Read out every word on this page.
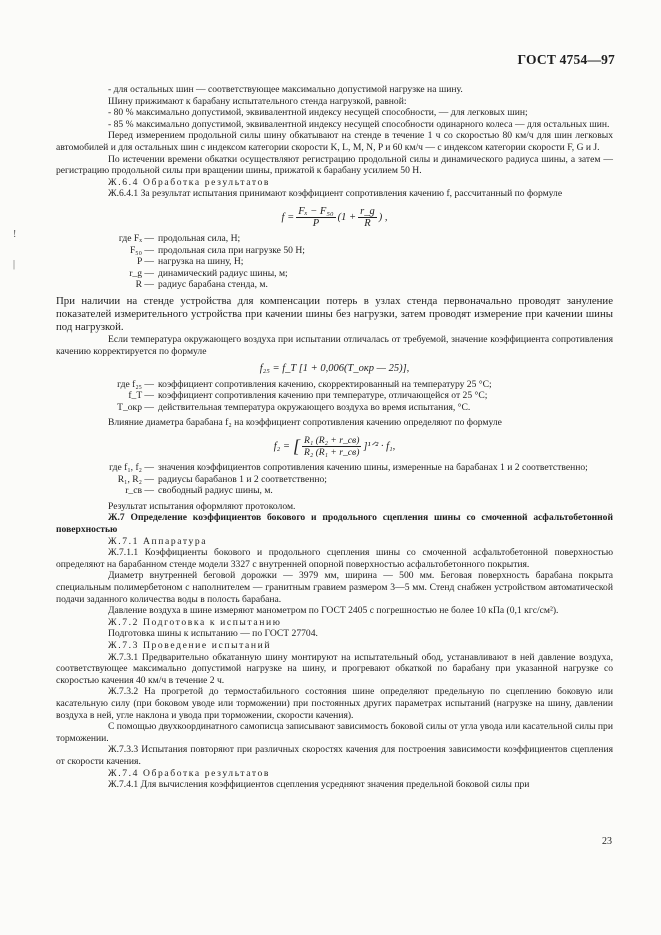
!
|
ГОСТ 4754—97

- для остальных шин — соответствующее максимально допустимой нагрузке на шину.

Шину прижимают к барабану испытательного стенда нагрузкой, равной:

- 80 % максимально допустимой, эквивалентной индексу несущей способности, — для легковых шин;

- 85 % максимально допустимой, эквивалентной индексу несущей способности одинарного колеса — для остальных шин.

Перед измерением продольной силы шину обкатывают на стенде в течение 1 ч со скоростью 80 км/ч для шин легковых автомобилей и для остальных шин с индексом категории скорости K, L, M, N, P и 60 км/ч — с индексом категории скорости F, G и J.

По истечении времени обкатки осуществляют регистрацию продольной силы и динамического радиуса шины, а затем — регистрацию продольной силы при вращении шины, прижатой к барабану усилием 50 Н.

Ж.6.4 Обработка результатов

Ж.6.4.1 За результат испытания принимают коэффициент сопротивления качению f, рассчитанный по формуле

$f = \frac{\text{Fₓ − F₅₀}}{P} (1 + \frac{r\_g}{R}$ ) ,
где Fₓ — продольная сила, Н;
F₅₀ — продольная сила при нагрузке 50 Н;
P — нагрузка на шину, Н;
r_g — динамический радиус шины, м;
R — радиус барабана стенда, м.

При наличии на стенде устройства для компенсации потерь в узлах стенда первоначально проводят зануление показателей измерительного устройства при качении шины без нагрузки, затем проводят измерение при качении шины под нагрузкой.

Если температура окружающего воздуха при испытании отличалась от требуемой, значение коэффициента сопротивления качению корректируется по формуле

f₂₅ = f_T [1 + 0,006(T_окр — 25)],
где f₂₅ — коэффициент сопротивления качению, скорректированный на температуру 25 °С;
f_T — коэффициент сопротивления качению при температуре, отличающейся от 25 °С;
T_окр — действительная температура окружающего воздуха во время испытания, °С.

Влияние диаметра барабана f₂ на коэффициент сопротивления качению определяют по формуле

f₂ = [ $\frac{\text{R₁ (R₂ + r\_св)}}{\text{R₂ (R₁ + r\_св)}}$ ]¹ᐟ² · f₁,
где f₁, f₂ — значения коэффициентов сопротивления качению шины, измеренные на барабанах 1 и 2 соответственно;
R₁, R₂ — радиусы барабанов 1 и 2 соответственно;
r_св — свободный радиус шины, м.

Результат испытания оформляют протоколом.

Ж.7 Определение коэффициентов бокового и продольного сцепления шины со смоченной асфальтобетонной поверхностью

Ж.7.1 Аппаратура

Ж.7.1.1 Коэффициенты бокового и продольного сцепления шины со смоченной асфальтобетонной поверхностью определяют на барабанном стенде модели 3327 с внутренней опорной поверхностью асфальтобетонного покрытия.

Диаметр внутренней беговой дорожки — 3979 мм, ширина — 500 мм. Беговая поверхность барабана покрыта специальным полимербетоном с наполнителем — гранитным гравием размером 3—5 мм. Стенд снабжен устройством автоматической подачи заданного количества воды в полость барабана.

Давление воздуха в шине измеряют манометром по ГОСТ 2405 с погрешностью не более 10 кПа (0,1 кгс/см²).

Ж.7.2 Подготовка к испытанию

Подготовка шины к испытанию — по ГОСТ 27704.

Ж.7.3 Проведение испытаний

Ж.7.3.1 Предварительно обкатанную шину монтируют на испытательный обод, устанавливают в ней давление воздуха, соответствующее максимально допустимой нагрузке на шину, и прогревают обкаткой по барабану при указанной нагрузке со скоростью качения 40 км/ч в течение 2 ч.

Ж.7.3.2 На прогретой до термостабильного состояния шине определяют предельную по сцеплению боковую или касательную силу (при боковом уводе или торможении) при постоянных других параметрах испытаний (нагрузке на шину, давлении воздуха в ней, угле наклона и увода при торможении, скорости качения).

С помощью двухкоординатного самописца записывают зависимость боковой силы от угла увода или касательной силы при торможении.

Ж.7.3.3 Испытания повторяют при различных скоростях качения для построения зависимости коэффициентов сцепления от скорости качения.

Ж.7.4 Обработка результатов

Ж.7.4.1 Для вычисления коэффициентов сцепления усредняют значения предельной боковой силы при

23
